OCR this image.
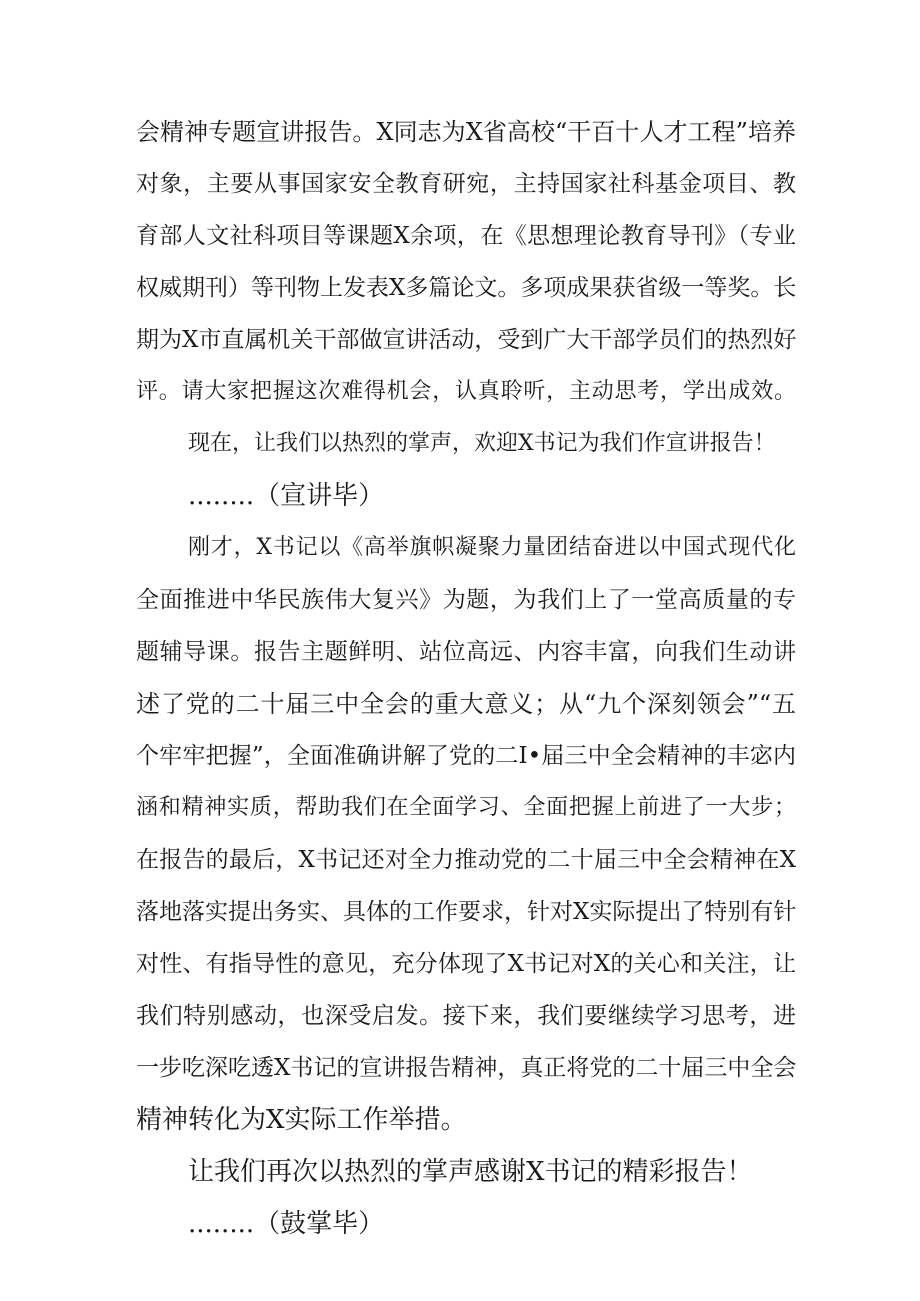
会精神专题宣讲报告。X同志为X省高校“干百十人才工程”培养
对象，主要从事国家安全教育研宛，主持国家社科基金项目、教
育部人文社科项目等课题X余项，在《思想理论教育导刊》（专业
权威期刊）等刊物上发表X多篇论文。多项成果获省级一等奖。长
期为X市直属机关干部做宣讲活动，受到广大干部学员们的热烈好
评。请大家把握这次难得机会，认真聆听，主动思考，学出成效。
现在，让我们以热烈的掌声，欢迎X书记为我们作宣讲报告！
........（宣讲毕）
刚才，X书记以《高举旗帜凝聚力量团结奋进以中国式现代化
全面推进中华民族伟大复兴》为题，为我们上了一堂高质量的专
题辅导课。报告主题鲜明、站位高远、内容丰富，向我们生动讲
述了党的二十届三中全会的重大意义；从“九个深刻领会”“五
个牢牢把握”，全面准确讲解了党的二I•届三中全会精神的丰宓内
涵和精神实质，帮助我们在全面学习、全面把握上前进了一大步；
在报告的最后，X书记还对全力推动党的二十届三中全会精神在X
落地落实提出务实、具体的工作要求，针对X实际提出了特别有针
对性、有指导性的意见，充分体现了X书记对X的关心和关注，让
我们特别感动，也深受启发。接下来，我们要继续学习思考，进
一步吃深吃透X书记的宣讲报告精神，真正将党的二十届三中全会
精神转化为X实际工作举措。
让我们再次以热烈的掌声感谢X书记的精彩报告！
........（鼓掌毕）
